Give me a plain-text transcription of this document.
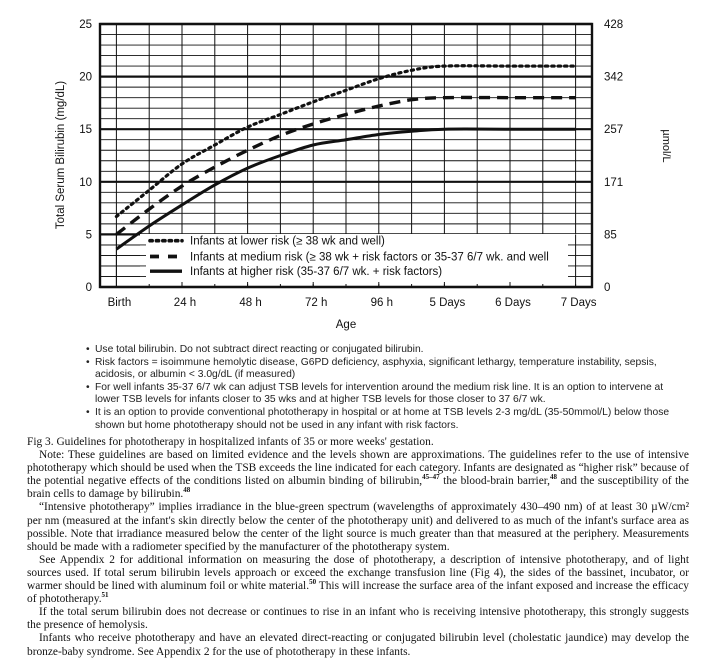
Infants at lower risk (≥ 38 wk and well)
Infants at medium risk (≥ 38 wk + risk factors or 35-37 6/7 wk. and well
Infants at higher risk (35-37 6/7 wk. + risk factors)
0
5
10
15
20
25
0
85
171
257
342
428
Birth	24 h	48 h	72 h	96 h	5 Days	6 Days	7 Days
Age
Total Serum Bilirubin (mg/dL)	µmol/L
• Use total bilirubin. Do not subtract direct reacting or conjugated bilirubin.
• Risk factors = isoimmune hemolytic disease, G6PD deficiency, asphyxia, significant lethargy, temperature instability, sepsis, acidosis, or albumin < 3.0g/dL (if measured)
• For well infants 35-37 6/7 wk can adjust TSB levels for intervention around the medium risk line. It is an option to intervene at lower TSB levels for infants closer to 35 wks and at higher TSB levels for those closer to 37 6/7 wk.
• It is an option to provide conventional phototherapy in hospital or at home at TSB levels 2-3 mg/dL (35-50mmol/L) below those shown but home phototherapy should not be used in any infant with risk factors.

Fig 3. Guidelines for phototherapy in hospitalized infants of 35 or more weeks' gestation.

Note: These guidelines are based on limited evidence and the levels shown are approximations. The guidelines refer to the use of intensive phototherapy which should be used when the TSB exceeds the line indicated for each category. Infants are designated as “higher risk” because of the potential negative effects of the conditions listed on albumin binding of bilirubin,$^{45-47}$ the blood-brain barrier,$^{48}$ and the susceptibility of the brain cells to damage by bilirubin.$^{48}$

“Intensive phototherapy” implies irradiance in the blue-green spectrum (wavelengths of approximately 430–490 nm) of at least 30 µW/cm² per nm (measured at the infant's skin directly below the center of the phototherapy unit) and delivered to as much of the infant's surface area as possible. Note that irradiance measured below the center of the light source is much greater than that measured at the periphery. Measurements should be made with a radiometer specified by the manufacturer of the phototherapy system.

See Appendix 2 for additional information on measuring the dose of phototherapy, a description of intensive phototherapy, and of light sources used. If total serum bilirubin levels approach or exceed the exchange transfusion line (Fig 4), the sides of the bassinet, incubator, or warmer should be lined with aluminum foil or white material.$^{50}$ This will increase the surface area of the infant exposed and increase the efficacy of phototherapy.$^{51}$

If the total serum bilirubin does not decrease or continues to rise in an infant who is receiving intensive phototherapy, this strongly suggests the presence of hemolysis.

Infants who receive phototherapy and have an elevated direct-reacting or conjugated bilirubin level (cholestatic jaundice) may develop the bronze-baby syndrome. See Appendix 2 for the use of phototherapy in these infants.
